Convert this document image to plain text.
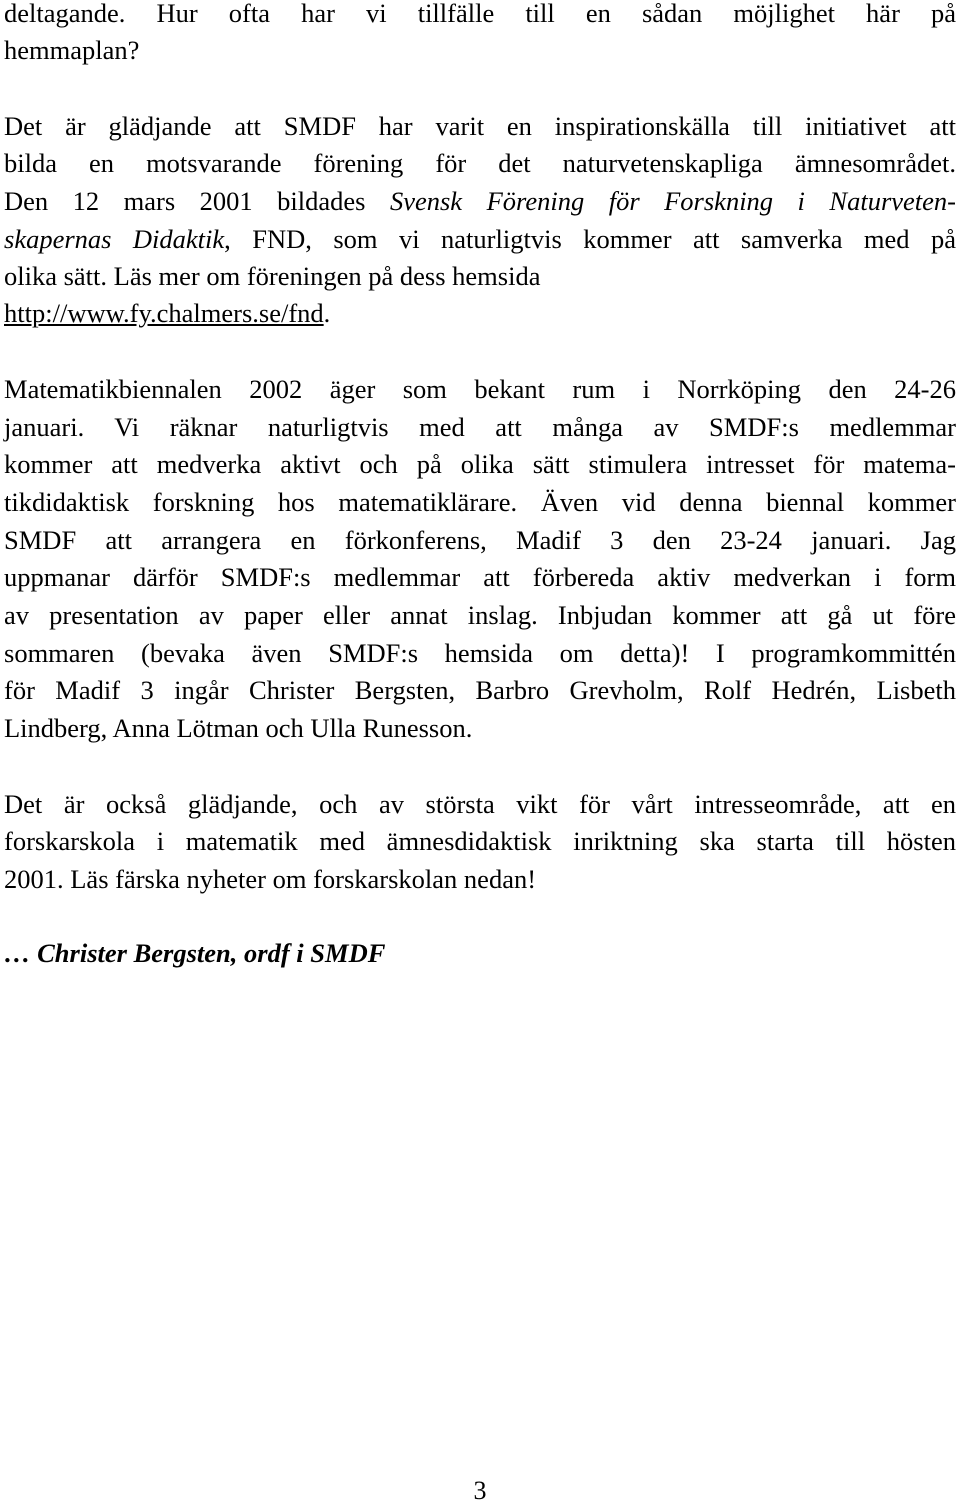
deltagande. Hur ofta har vi tillfälle till en sådan möjlighet här på
hemmaplan?
Det är glädjande att SMDF har varit en inspirationskälla till initiativet att
bilda en motsvarande förening för det naturvetenskapliga ämnesområdet.
Den 12 mars 2001 bildades Svensk Förening för Forskning i Naturveten-
skapernas Didaktik, FND, som vi naturligtvis kommer att samverka med på
olika sätt. Läs mer om föreningen på dess hemsida
http://www.fy.chalmers.se/fnd.
Matematikbiennalen 2002 äger som bekant rum i Norrköping den 24-26
januari. Vi räknar naturligtvis med att många av SMDF:s medlemmar
kommer att medverka aktivt och på olika sätt stimulera intresset för matema-
tikdidaktisk forskning hos matematiklärare. Även vid denna biennal kommer
SMDF att arrangera en förkonferens, Madif 3 den 23-24 januari. Jag
uppmanar därför SMDF:s medlemmar att förbereda aktiv medverkan i form
av presentation av paper eller annat inslag. Inbjudan kommer att gå ut före
sommaren (bevaka även SMDF:s hemsida om detta)! I programkommittén
för Madif 3 ingår Christer Bergsten, Barbro Grevholm, Rolf Hedrén, Lisbeth
Lindberg, Anna Lötman och Ulla Runesson.
Det är också glädjande, och av största vikt för vårt intresseområde, att en
forskarskola i matematik med ämnesdidaktisk inriktning ska starta till hösten
2001. Läs färska nyheter om forskarskolan nedan!
… Christer Bergsten, ordf i SMDF
3
